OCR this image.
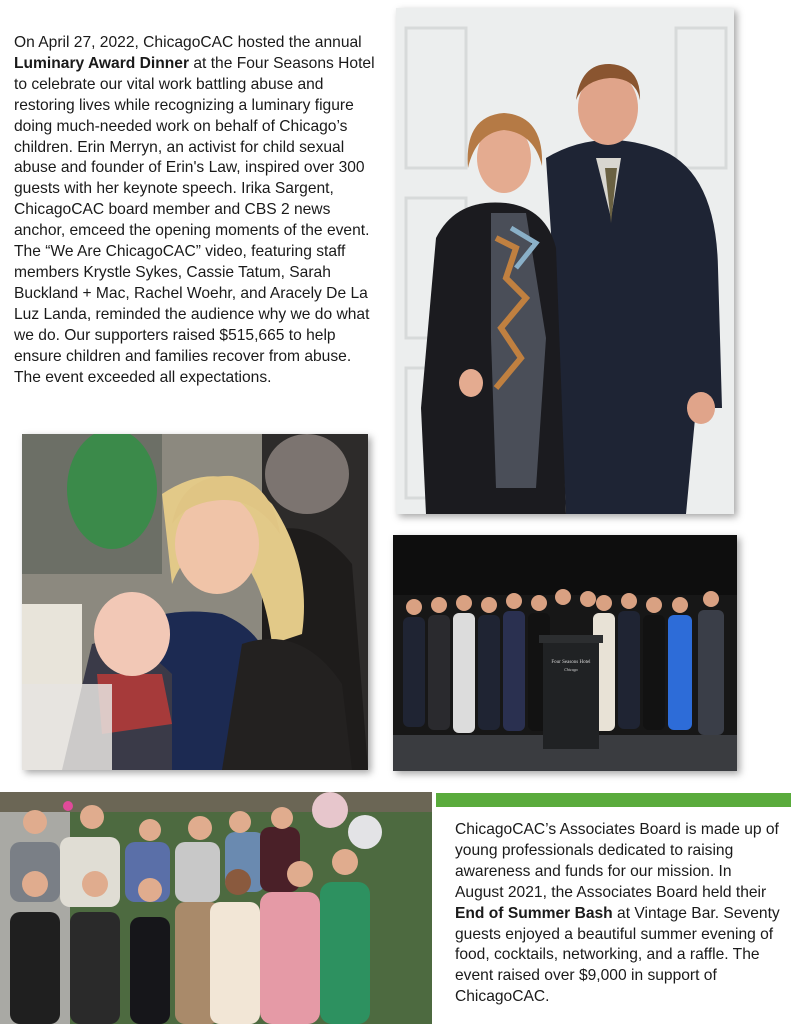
On April 27, 2022, ChicagoCAC hosted the annual Luminary Award Dinner at the Four Seasons Hotel to celebrate our vital work battling abuse and restoring lives while recognizing a luminary figure doing much-needed work on behalf of Chicago’s children. Erin Merryn, an activist for child sexual abuse and founder of Erin's Law, inspired over 300 guests with her keynote speech. Irika Sargent, ChicagoCAC board member and CBS 2 news anchor, emceed the opening moments of the event. The “We Are ChicagoCAC” video, featuring staff members Krystle Sykes, Cassie Tatum, Sarah Buckland + Mac, Rachel Woehr, and Aracely De La Luz Landa, reminded the audience why we do what we do. Our supporters raised $515,665 to help ensure children and families recover from abuse. The event exceeded all expectations.

Four Seasons Hotel
Chicago

ChicagoCAC’s Associates Board is made up of young professionals dedicated to raising awareness and funds for our mission. In August 2021, the Associates Board held their End of Summer Bash at Vintage Bar. Seventy guests enjoyed a beautiful summer evening of food, cocktails, networking, and a raffle. The event raised over $9,000 in support of ChicagoCAC.
